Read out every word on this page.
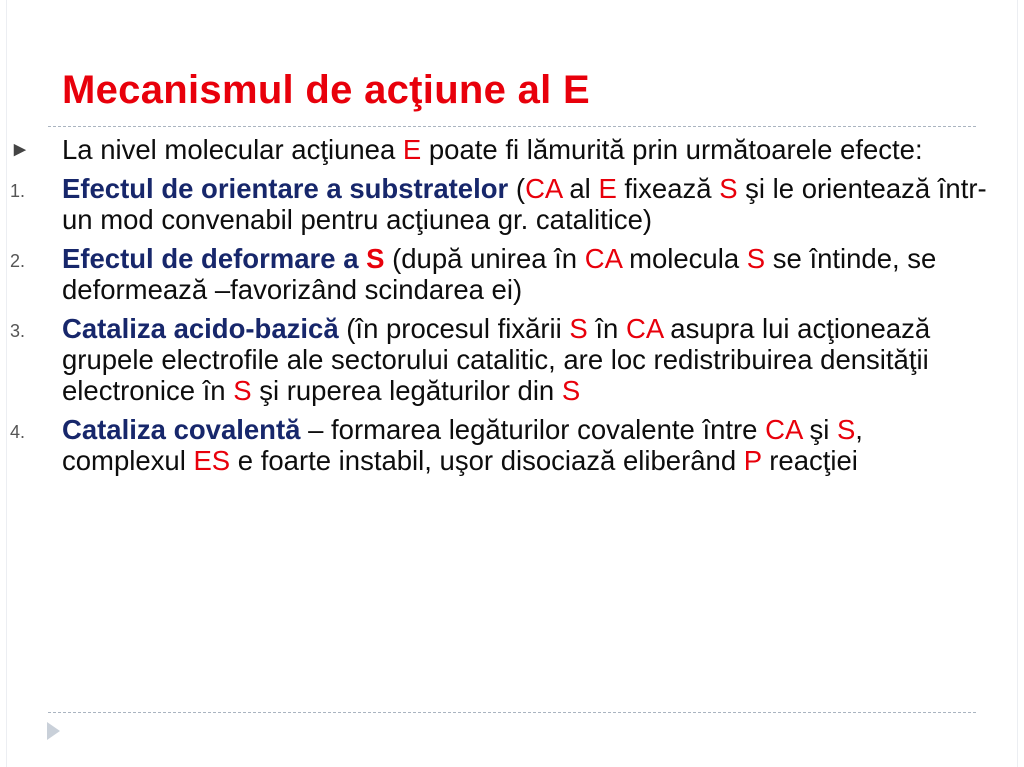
Mecanismul de acţiune al E
▶ La nivel molecular acţiunea E poate fi lămurită prin următoarele efecte:
1. Efectul de orientare a substratelor (CA al E fixează S şi le orientează într-un mod convenabil pentru acţiunea gr. catalitice)
2. Efectul de deformare a S (după unirea în CA molecula S se întinde, se deformează –favorizând scindarea ei)
3. Cataliza acido-bazică (în procesul fixării S în CA asupra lui acţionează grupele electrofile ale sectorului catalitic, are loc redistribuirea densităţii electronice în S şi ruperea legăturilor din S
4. Cataliza covalentă – formarea legăturilor covalente între CA şi S, complexul ES e foarte instabil, uşor disociază eliberând P reacţiei
